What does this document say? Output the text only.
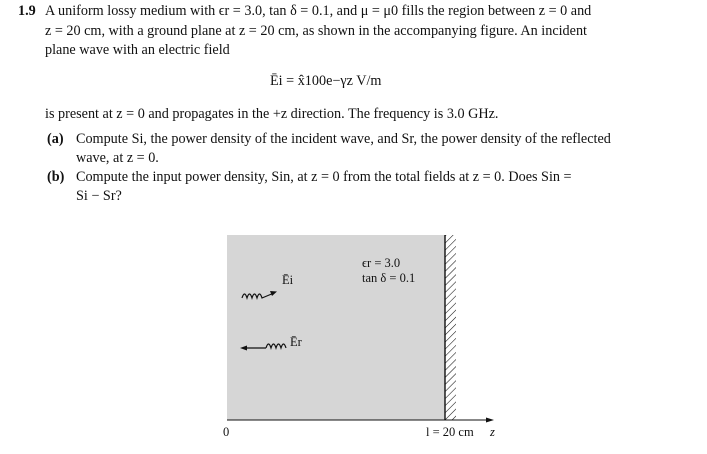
1.9 A uniform lossy medium with ϵr = 3.0, tan δ = 0.1, and μ = μ0 fills the region between z = 0 and
z = 20 cm, with a ground plane at z = 20 cm, as shown in the accompanying figure. An incident
plane wave with an electric field
Ēi = x̂100e−γz V/m
is present at z = 0 and propagates in the +z direction. The frequency is 3.0 GHz.
(a) Compute Si, the power density of the incident wave, and Sr, the power density of the reflected
wave, at z = 0.
(b) Compute the input power density, Sin, at z = 0 from the total fields at z = 0. Does Sin =
Si − Sr?
ϵr = 3.0
tan δ = 0.1
Ēi
Ēr
0	l = 20 cm z
